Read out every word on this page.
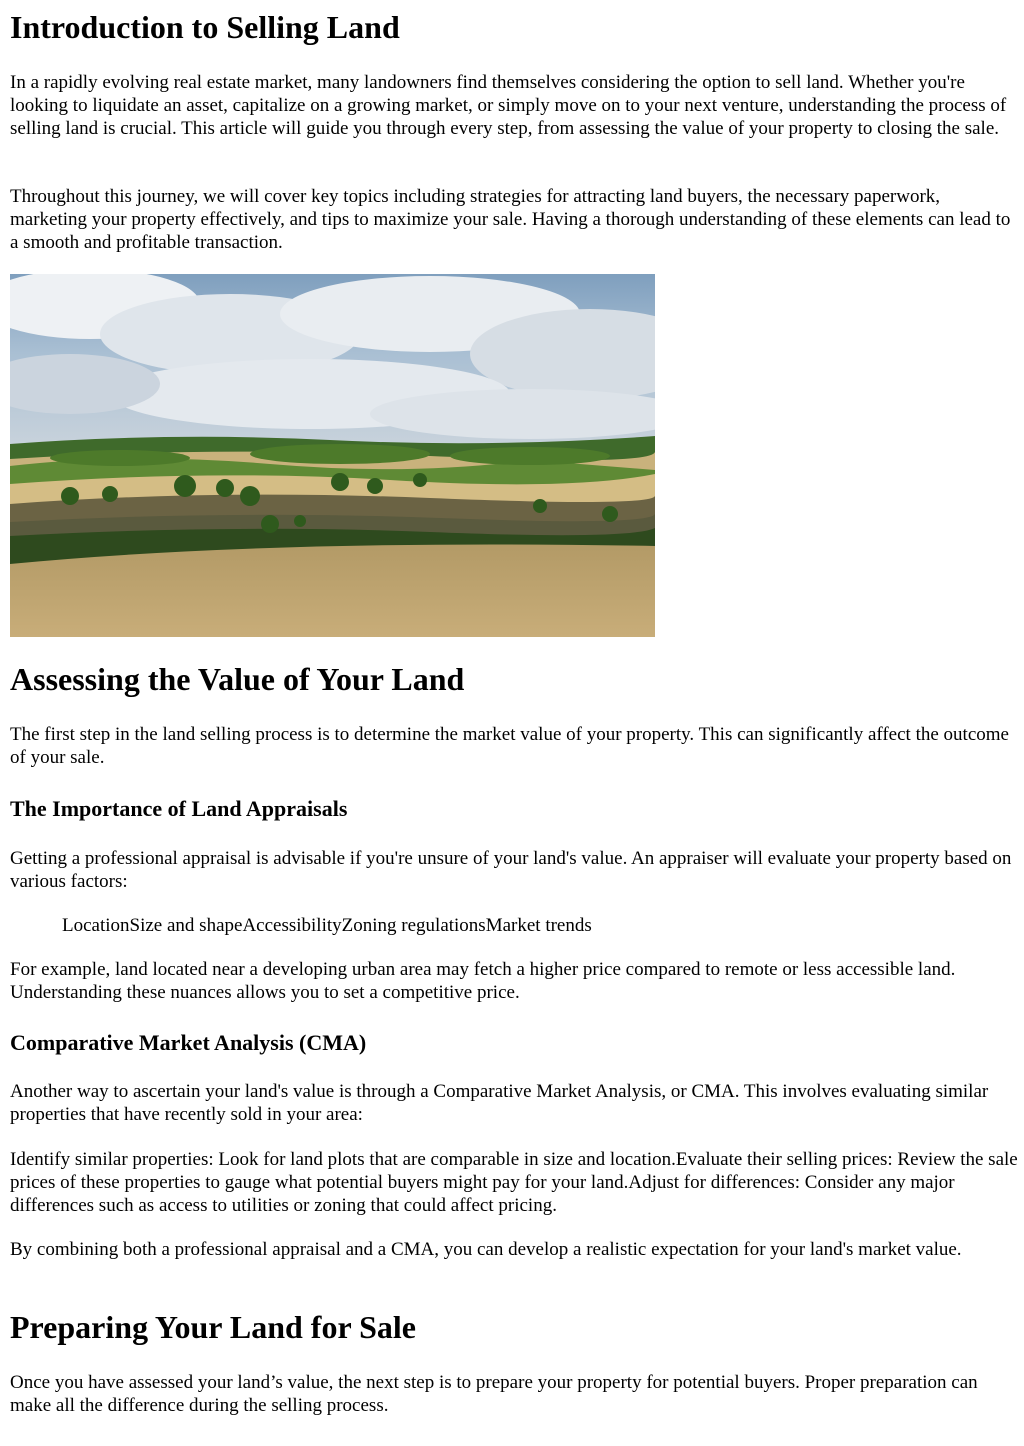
Introduction to Selling Land

In a rapidly evolving real estate market, many landowners find themselves considering the option to sell land. Whether you're looking to liquidate an asset, capitalize on a growing market, or simply move on to your next venture, understanding the process of selling land is crucial. This article will guide you through every step, from assessing the value of your property to closing the sale.

Throughout this journey, we will cover key topics including strategies for attracting land buyers, the necessary paperwork, marketing your property effectively, and tips to maximize your sale. Having a thorough understanding of these elements can lead to a smooth and profitable transaction.

Assessing the Value of Your Land

The first step in the land selling process is to determine the market value of your property. This can significantly affect the outcome of your sale.

The Importance of Land Appraisals

Getting a professional appraisal is advisable if you're unsure of your land's value. An appraiser will evaluate your property based on various factors:

LocationSize and shapeAccessibilityZoning regulationsMarket trends

For example, land located near a developing urban area may fetch a higher price compared to remote or less accessible land. Understanding these nuances allows you to set a competitive price.

Comparative Market Analysis (CMA)

Another way to ascertain your land's value is through a Comparative Market Analysis, or CMA. This involves evaluating similar properties that have recently sold in your area:

Identify similar properties: Look for land plots that are comparable in size and location.Evaluate their selling prices: Review the sale prices of these properties to gauge what potential buyers might pay for your land.Adjust for differences: Consider any major differences such as access to utilities or zoning that could affect pricing.

By combining both a professional appraisal and a CMA, you can develop a realistic expectation for your land's market value.

Preparing Your Land for Sale

Once you have assessed your land’s value, the next step is to prepare your property for potential buyers. Proper preparation can make all the difference during the selling process.
